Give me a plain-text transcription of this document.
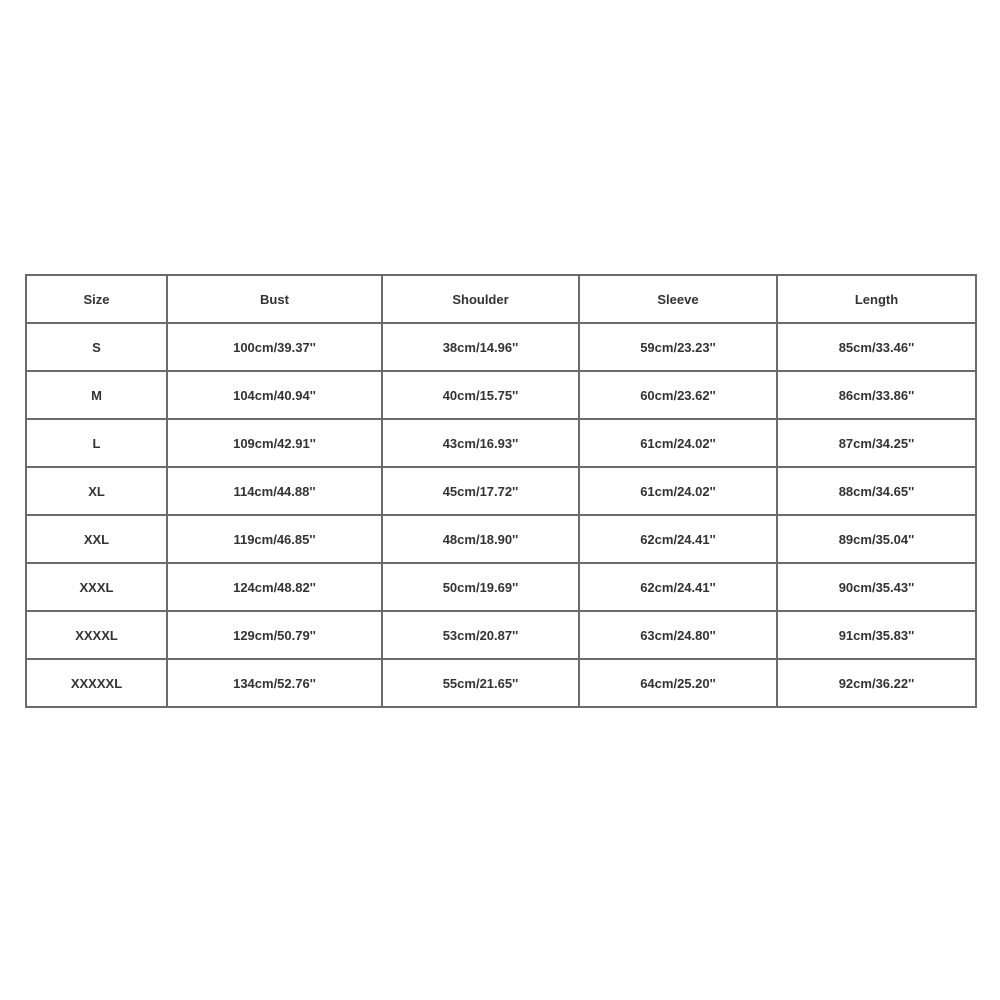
Size	Bust	Shoulder	Sleeve	Length
S	100cm/39.37''	38cm/14.96''	59cm/23.23''	85cm/33.46''
M	104cm/40.94''	40cm/15.75''	60cm/23.62''	86cm/33.86''
L	109cm/42.91''	43cm/16.93''	61cm/24.02''	87cm/34.25''
XL	114cm/44.88''	45cm/17.72''	61cm/24.02''	88cm/34.65''
XXL	119cm/46.85''	48cm/18.90''	62cm/24.41''	89cm/35.04''
XXXL	124cm/48.82''	50cm/19.69''	62cm/24.41''	90cm/35.43''
XXXXL	129cm/50.79''	53cm/20.87''	63cm/24.80''	91cm/35.83''
XXXXXL	134cm/52.76''	55cm/21.65''	64cm/25.20''	92cm/36.22''
